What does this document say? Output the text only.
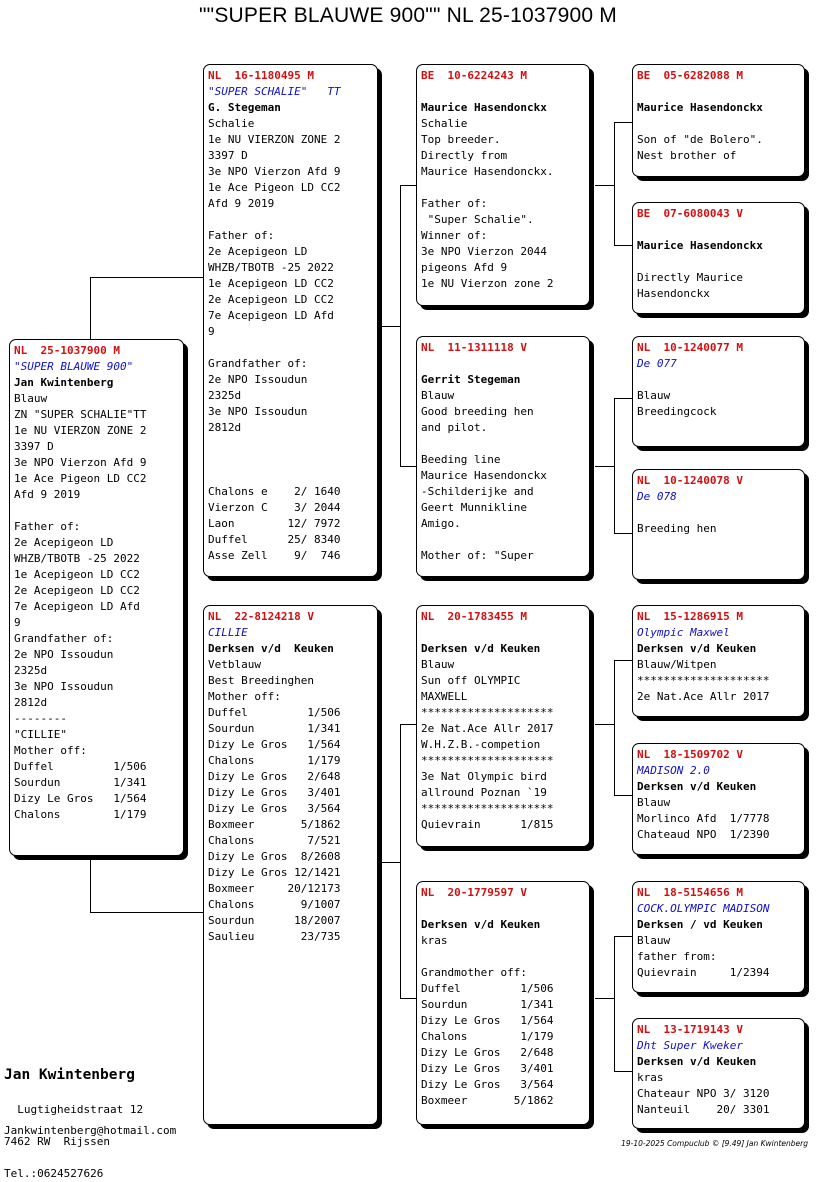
""SUPER BLAUWE 900"" NL 25-1037900 M
NL  25-1037900 M
"SUPER BLAUWE 900"
Jan Kwintenberg
Blauw
ZN "SUPER SCHALIE"TT
1e NU VIERZON ZONE 2
3397 D
3e NPO Vierzon Afd 9
1e Ace Pigeon LD CC2
Afd 9 2019
Father of:
2e Acepigeon LD
WHZB/TBOTB -25 2022
1e Acepigeon LD CC2
2e Acepigeon LD CC2
7e Acepigeon LD Afd
9
Grandfather of:
2e NPO Issoudun
2325d
3e NPO Issoudun
2812d
--------
"CILLIE"
Mother off:
Duffel         1/506
Sourdun        1/341
Dizy Le Gros   1/564
Chalons        1/179
NL  16-1180495 M
"SUPER SCHALIE"   TT
G. Stegeman
Schalie
1e NU VIERZON ZONE 2
3397 D
3e NPO Vierzon Afd 9
1e Ace Pigeon LD CC2
Afd 9 2019
Father of:
2e Acepigeon LD
WHZB/TBOTB -25 2022
1e Acepigeon LD CC2
2e Acepigeon LD CC2
7e Acepigeon LD Afd
9
Grandfather of:
2e NPO Issoudun
2325d
3e NPO Issoudun
2812d
Chalons e    2/ 1640
Vierzon C    3/ 2044
Laon        12/ 7972
Duffel      25/ 8340
Asse Zell    9/  746
NL  22-8124218 V
CILLIE
Derksen v/d  Keuken
Vetblauw
Best Breedinghen
Mother off:
Duffel         1/506
Sourdun        1/341
Dizy Le Gros   1/564
Chalons        1/179
Dizy Le Gros   2/648
Dizy Le Gros   3/401
Dizy Le Gros   3/564
Boxmeer       5/1862
Chalons        7/521
Dizy Le Gros  8/2608
Dizy Le Gros 12/1421
Boxmeer     20/12173
Chalons       9/1007
Sourdun      18/2007
Saulieu       23/735
BE  10-6224243 M
Maurice Hasendonckx
Schalie
Top breeder.
Directly from
Maurice Hasendonckx.
Father of:
"Super Schalie".
Winner of:
3e NPO Vierzon 2044
pigeons Afd 9
1e NU Vierzon zone 2
NL  11-1311118 V
Gerrit Stegeman
Blauw
Good breeding hen
and pilot.
Beeding line
Maurice Hasendonckx
-Schilderijke and
Geert Munnikline
Amigo.
Mother of: "Super
NL  20-1783455 M
Derksen v/d Keuken
Blauw
Sun off OLYMPIC
MAXWELL
********************
2e Nat.Ace Allr 2017
W.H.Z.B.-competion
********************
3e Nat Olympic bird
allround Poznan `19
********************
Quievrain      1/815
NL  20-1779597 V
Derksen v/d Keuken
kras
Grandmother off:
Duffel         1/506
Sourdun        1/341
Dizy Le Gros   1/564
Chalons        1/179
Dizy Le Gros   2/648
Dizy Le Gros   3/401
Dizy Le Gros   3/564
Boxmeer       5/1862
BE  05-6282088 M
Maurice Hasendonckx
Son of "de Bolero".
Nest brother of
BE  07-6080043 V
Maurice Hasendonckx
Directly Maurice
Hasendonckx
NL  10-1240077 M
De 077
Blauw
Breedingcock
NL  10-1240078 V
De 078
Breeding hen
NL  15-1286915 M
Olympic Maxwel
Derksen v/d Keuken
Blauw/Witpen
********************
2e Nat.Ace Allr 2017
NL  18-1509702 V
MADISON 2.0
Derksen v/d Keuken
Blauw
Morlinco Afd  1/7778
Chateaud NPO  1/2390
NL  18-5154656 M
COCK.OLYMPIC MADISON
Derksen / vd Keuken
Blauw
father from:
Quievrain     1/2394
NL  13-1719143 V
Dht Super Kweker
Derksen v/d Keuken
kras
Chateaur NPO 3/ 3120
Nanteuil    20/ 3301

Jan Kwintenberg

Lugtigheidstraat 12

7462 RW  Rijssen

Tel.:0624527626

Jankwintenberg@hotmail.com
19-10-2025 Compuclub © [9.49] Jan Kwintenberg
